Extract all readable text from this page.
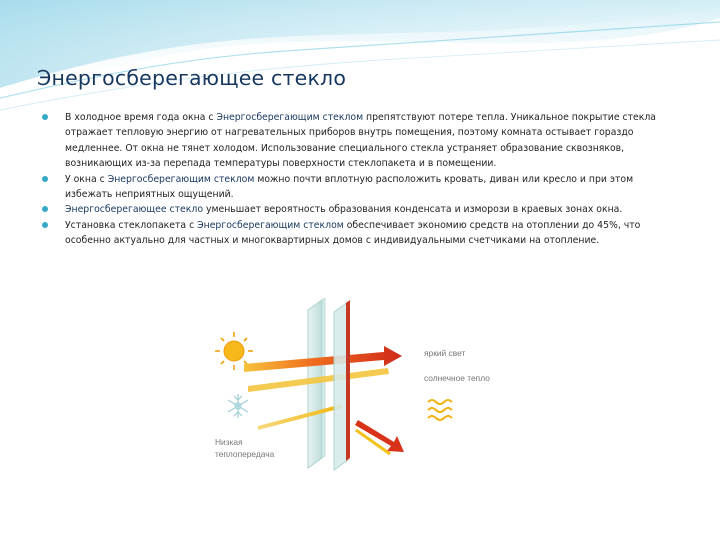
Энергосберегающее стекло
В холодное время года окна с Энергосберегающим стеклом препятствуют потере тепла. Уникальное покрытие стекла отражает тепловую энергию от нагревательных приборов внутрь помещения, поэтому комната остывает гораздо медленнее. От окна не тянет холодом. Использование специального стекла устраняет образование сквозняков, возникающих из-за перепада температуры поверхности стеклопакета и в помещении.
У окна с Энергосберегающим стеклом можно почти вплотную расположить кровать, диван или кресло и при этом избежать неприятных ощущений.
Энергосберегающее стекло уменьшает вероятность образования конденсата и изморози в краевых зонах окна.
Установка стеклопакета с Энергосберегающим стеклом обеспечивает экономию средств на отоплении до 45%, что особенно актуально для частных и многоквартирных домов с индивидуальными счетчиками на отопление.
яркий свет
солнечное тепло
Низкая
теплопередача
